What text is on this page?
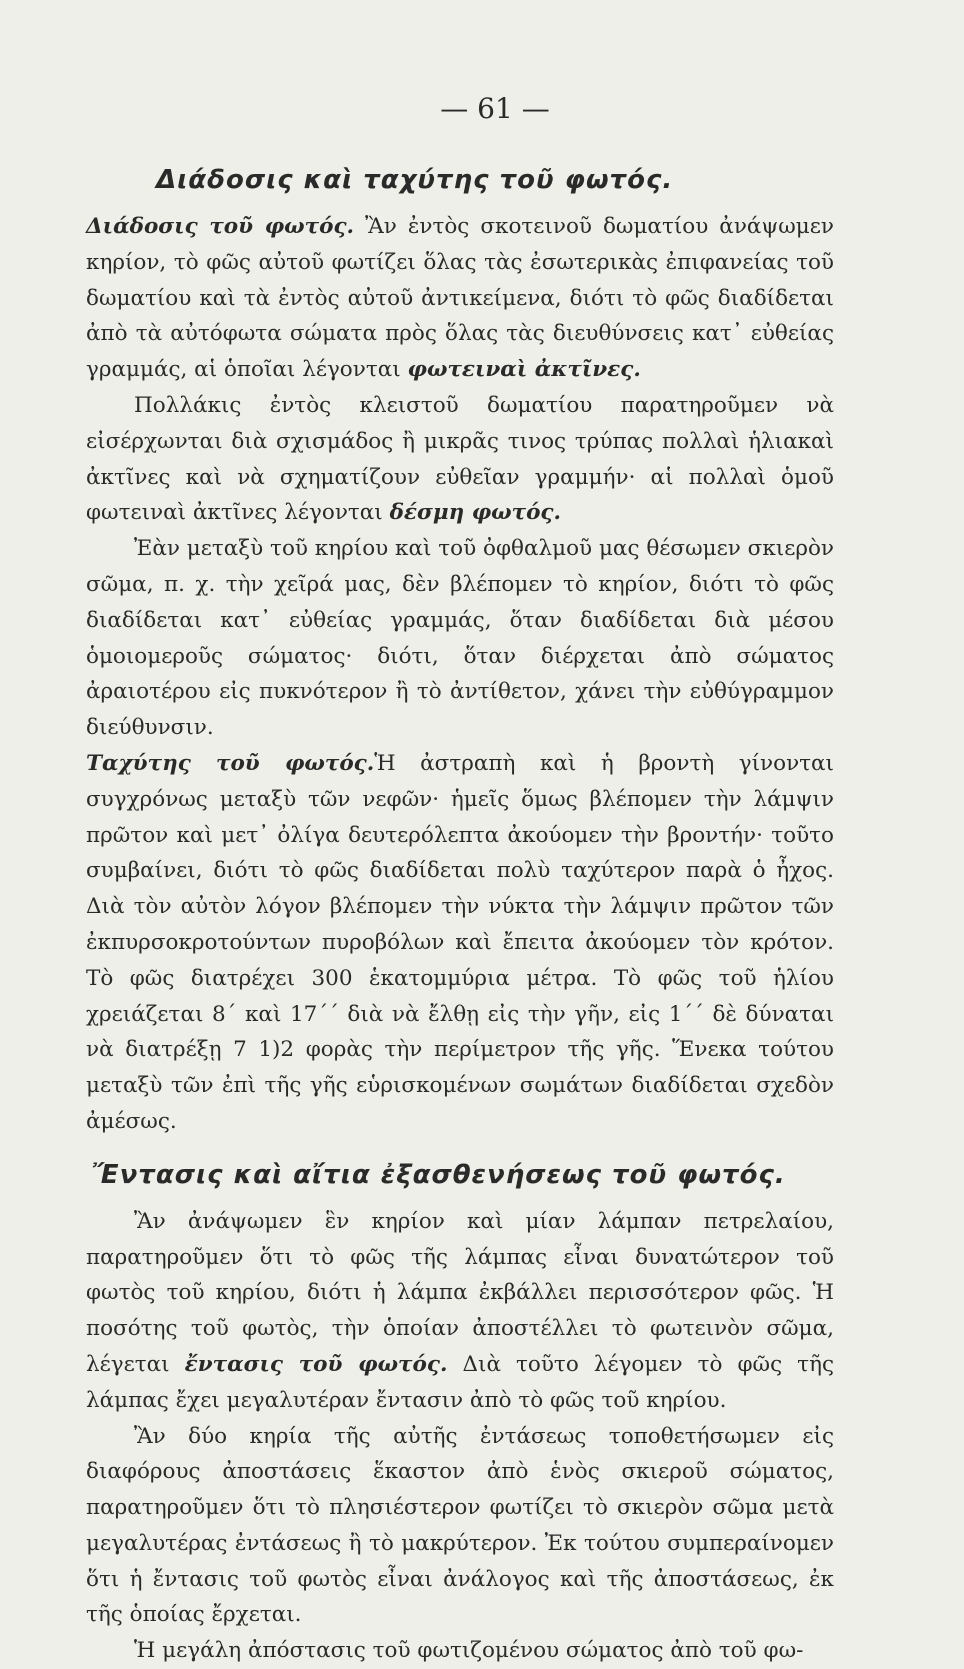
— 61 —
Διάδοσις καὶ ταχύτης τοῦ φωτός.

Διάδοσις τοῦ φωτός. Ἂν ἐντὸς σκοτεινοῦ δωματίου ἀνάψωμεν κηρίον, τὸ φῶς αὐτοῦ φωτίζει ὅλας τὰς ἐσωτερικὰς ἐπιφανείας τοῦ δωματίου καὶ τὰ ἐντὸς αὐτοῦ ἀντικείμενα, διότι τὸ φῶς διαδίδεται ἀπὸ τὰ αὐτόφωτα σώματα πρὸς ὅλας τὰς διευθύνσεις κατ᾿ εὐθείας γραμμάς, αἱ ὁποῖαι λέγονται φωτειναὶ ἀκτῖνες.

Πολλάκις ἐντὸς κλειστοῦ δωματίου παρατηροῦμεν νὰ εἰσέρχωνται διὰ σχισμάδος ἢ μικρᾶς τινος τρύπας πολλαὶ ἡλιακαὶ ἀκτῖνες καὶ νὰ σχηματίζουν εὐθεῖαν γραμμήν· αἱ πολλαὶ ὁμοῦ φωτειναὶ ἀκτῖνες λέγονται δέσμη φωτός.

Ἐὰν μεταξὺ τοῦ κηρίου καὶ τοῦ ὀφθαλμοῦ μας θέσωμεν σκιερὸν σῶμα, π. χ. τὴν χεῖρά μας, δὲν βλέπομεν τὸ κηρίον, διότι τὸ φῶς διαδίδεται κατ᾿ εὐθείας γραμμάς, ὅταν διαδίδεται διὰ μέσου ὁμοιομεροῦς σώματος· διότι, ὅταν διέρχεται ἀπὸ σώματος ἀραιοτέρου εἰς πυκνότερον ἢ τὸ ἀντίθετον, χάνει τὴν εὐθύγραμμον διεύθυνσιν.

Ταχύτης τοῦ φωτός.Ἡ ἀστραπὴ καὶ ἡ βροντὴ γίνονται συγχρόνως μεταξὺ τῶν νεφῶν· ἡμεῖς ὅμως βλέπομεν τὴν λάμψιν πρῶτον καὶ μετ᾿ ὀλίγα δευτερόλεπτα ἀκούομεν τὴν βροντήν· τοῦτο συμβαίνει, διότι τὸ φῶς διαδίδεται πολὺ ταχύτερον παρὰ ὁ ἦχος. Διὰ τὸν αὐτὸν λόγον βλέπομεν τὴν νύκτα τὴν λάμψιν πρῶτον τῶν ἐκπυρσοκροτούντων πυροβόλων καὶ ἔπειτα ἀκούομεν τὸν κρότον. Τὸ φῶς διατρέχει 300 ἑκατομμύρια μέτρα. Τὸ φῶς τοῦ ἡλίου χρειάζεται 8΄ καὶ 17΄΄ διὰ νὰ ἔλθῃ εἰς τὴν γῆν, εἰς 1΄΄ δὲ δύναται νὰ διατρέξῃ 7 1)2 φορὰς τὴν περίμετρον τῆς γῆς. Ἕνεκα τούτου μεταξὺ τῶν ἐπὶ τῆς γῆς εὑρισκομένων σωμάτων διαδίδεται σχεδὸν ἀμέσως.

Ἔντασις καὶ αἴτια ἐξασθενήσεως τοῦ φωτός.

Ἂν ἀνάψωμεν ἓν κηρίον καὶ μίαν λάμπαν πετρελαίου, παρατηροῦμεν ὅτι τὸ φῶς τῆς λάμπας εἶναι δυνατώτερον τοῦ φωτὸς τοῦ κηρίου, διότι ἡ λάμπα ἐκβάλλει περισσότερον φῶς. Ἡ ποσότης τοῦ φωτὸς, τὴν ὁποίαν ἀποστέλλει τὸ φωτεινὸν σῶμα, λέγεται ἔντασις τοῦ φωτός. Διὰ τοῦτο λέγομεν τὸ φῶς τῆς λάμπας ἔχει μεγαλυτέραν ἔντασιν ἀπὸ τὸ φῶς τοῦ κηρίου.

Ἂν δύο κηρία τῆς αὐτῆς ἐντάσεως τοποθετήσωμεν εἰς διαφόρους ἀποστάσεις ἕκαστον ἀπὸ ἑνὸς σκιεροῦ σώματος, παρατηροῦμεν ὅτι τὸ πλησιέστερον φωτίζει τὸ σκιερὸν σῶμα μετὰ μεγαλυτέρας ἐντάσεως ἢ τὸ μακρύτερον. Ἐκ τούτου συμπεραίνομεν ὅτι ἡ ἔντασις τοῦ φωτὸς εἶναι ἀνάλογος καὶ τῆς ἀποστάσεως, ἐκ τῆς ὁποίας ἔρχεται.

Ἡ μεγάλη ἀπόστασις τοῦ φωτιζομένου σώματος ἀπὸ τοῦ φω-
